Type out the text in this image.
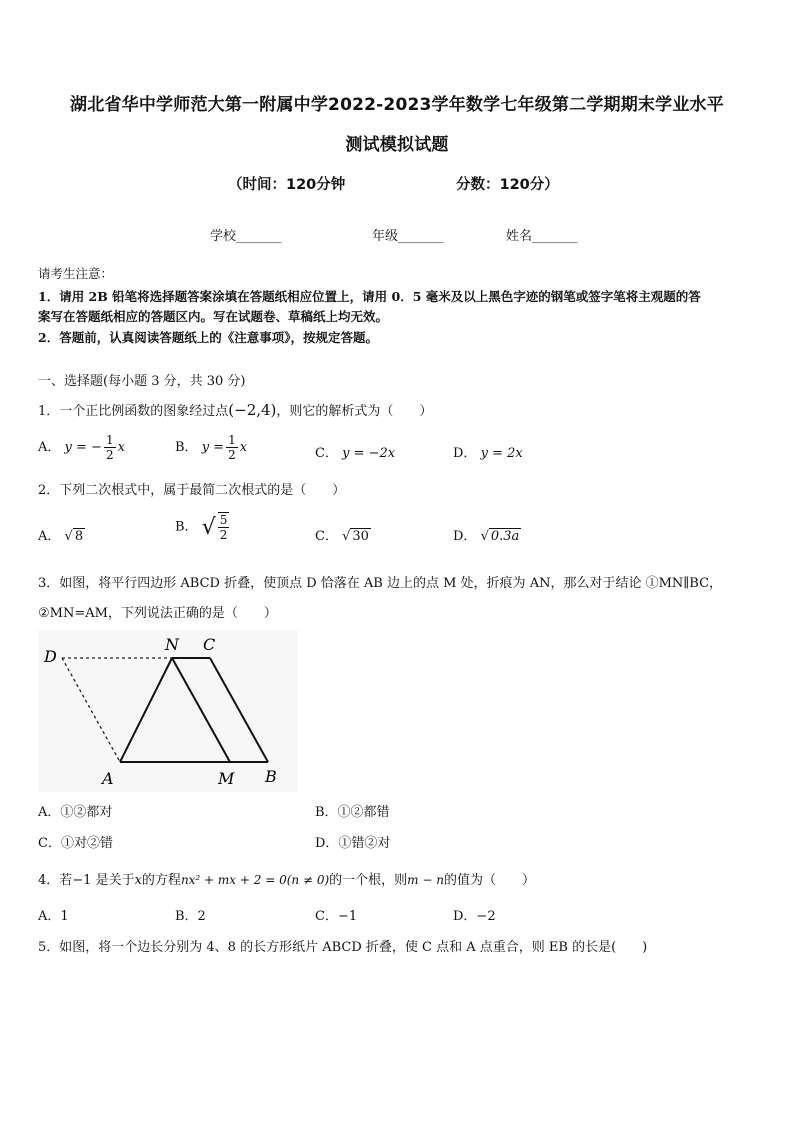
湖北省华中学师范大第一附属中学2022-2023学年数学七年级第二学期期末学业水平
测试模拟试题
（时间：120分钟	分数：120分）
学校_______	年级_______	姓名_______
请考生注意：
1．请用 2B 铅笔将选择题答案涂填在答题纸相应位置上，请用 0．5 毫米及以上黑色字迹的钢笔或签字笔将主观题的答
案写在答题纸相应的答题区内。写在试题卷、草稿纸上均无效。
2．答题前，认真阅读答题纸上的《注意事项》，按规定答题。
一、选择题(每小题 3 分，共 30 分)
1．一个正比例函数的图象经过点(−2,4)，则它的解析式为（　　）
A． y = − $\frac{1}{2}$ x	B． $y = \frac{1}{2}$ x	C． y = −2x	D． y = 2x
2．下列二次根式中，属于最简二次根式的是（　　）
A． √ 8
B． √ $\frac{5}{2}$	C． √ 30	D． √ 0.3a
3．如图，将平行四边形 ABCD 折叠，使顶点 D 恰落在 AB 边上的点 M 处，折痕为 AN，那么对于结论 ①MN∥BC，
②MN=AM，下列说法正确的是（　　）
D
N C
A	M B
A．①②都对	B．①②都错
C．①对②错	D．①错②对
4．若−1 是关于x的方程nx² + mx + 2 = 0(n ≠ 0)的一个根，则m − n的值为（　　）
A．1	B．2	C．−1	D．−2
5．如图，将一个边长分别为 4、8 的长方形纸片 ABCD 折叠，使 C 点和 A 点重合，则 EB 的长是(　　)
